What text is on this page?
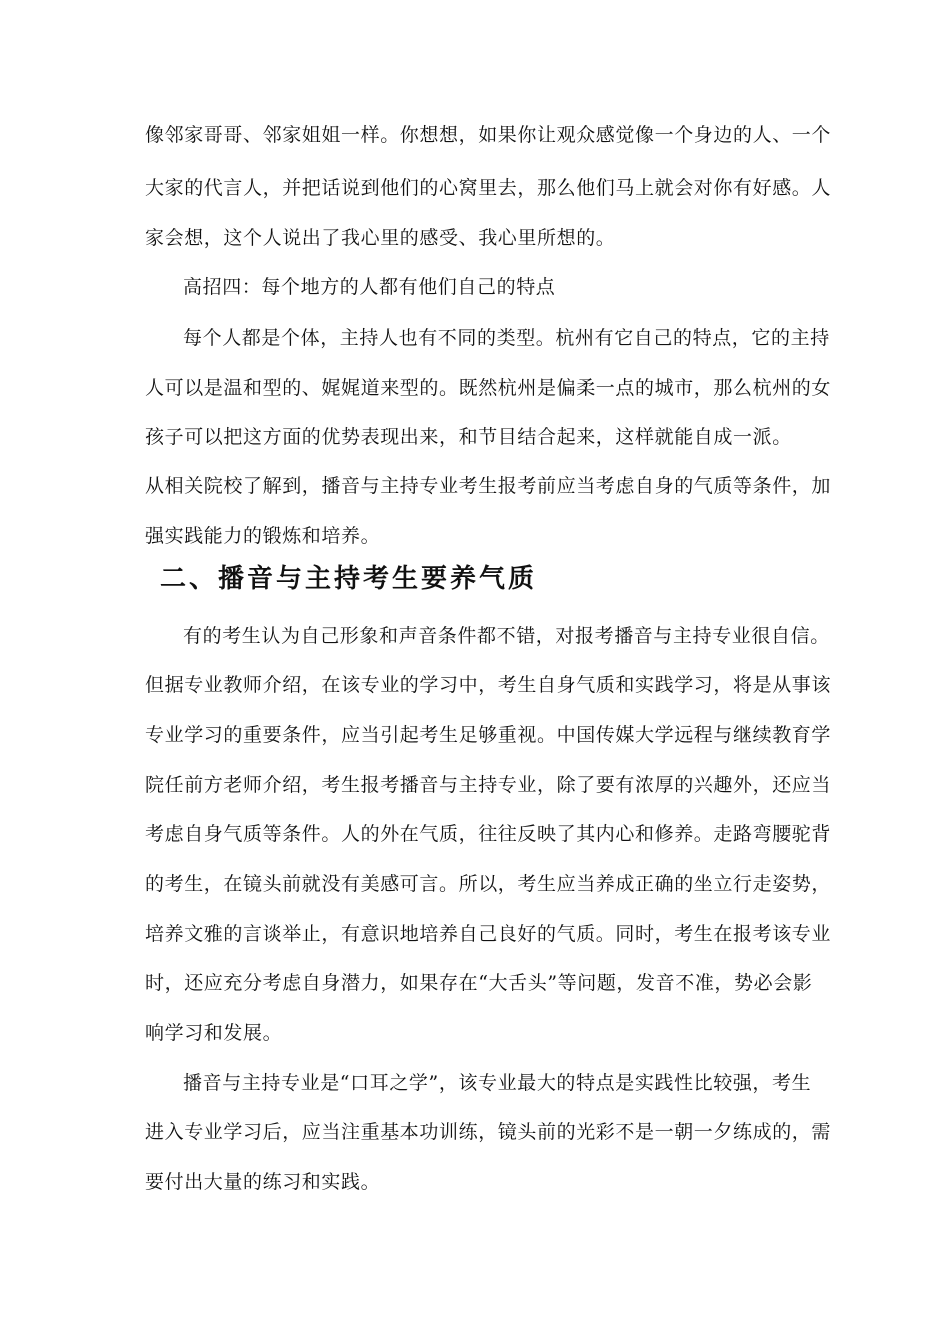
像邻家哥哥、邻家姐姐一样。你想想，如果你让观众感觉像一个身边的人、一个
大家的代言人，并把话说到他们的心窝里去，那么他们马上就会对你有好感。人
家会想，这个人说出了我心里的感受、我心里所想的。
高招四：每个地方的人都有他们自己的特点
每个人都是个体，主持人也有不同的类型。杭州有它自己的特点，它的主持
人可以是温和型的、娓娓道来型的。既然杭州是偏柔一点的城市，那么杭州的女
孩子可以把这方面的优势表现出来，和节目结合起来，这样就能自成一派。
从相关院校了解到，播音与主持专业考生报考前应当考虑自身的气质等条件，加
强实践能力的锻炼和培养。
二、播音与主持考生要养气质
有的考生认为自己形象和声音条件都不错，对报考播音与主持专业很自信。
但据专业教师介绍，在该专业的学习中，考生自身气质和实践学习，将是从事该
专业学习的重要条件，应当引起考生足够重视。中国传媒大学远程与继续教育学
院任前方老师介绍，考生报考播音与主持专业，除了要有浓厚的兴趣外，还应当
考虑自身气质等条件。人的外在气质，往往反映了其内心和修养。走路弯腰驼背
的考生，在镜头前就没有美感可言。所以，考生应当养成正确的坐立行走姿势，
培养文雅的言谈举止，有意识地培养自己良好的气质。同时，考生在报考该专业
时，还应充分考虑自身潜力，如果存在“大舌头”等问题，发音不准，势必会影
响学习和发展。
播音与主持专业是“口耳之学”，该专业最大的特点是实践性比较强，考生
进入专业学习后，应当注重基本功训练，镜头前的光彩不是一朝一夕练成的，需
要付出大量的练习和实践。
